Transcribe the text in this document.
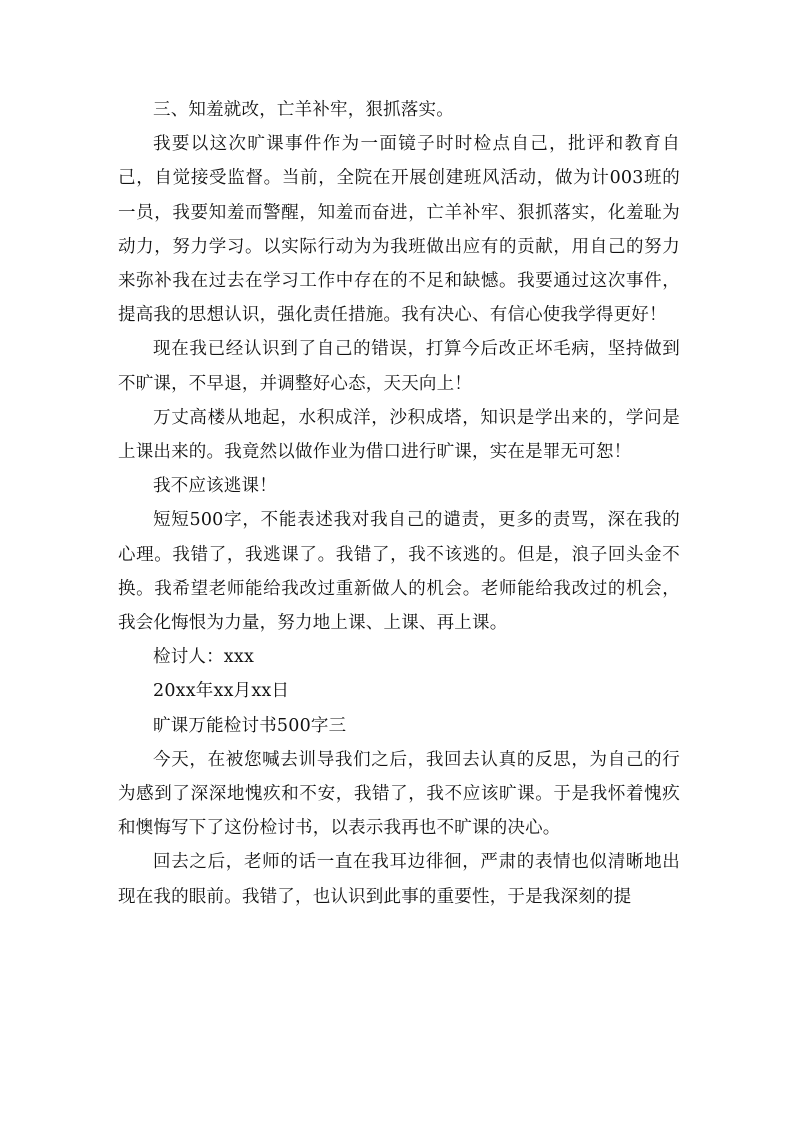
三、知羞就改，亡羊补牢，狠抓落实。

我要以这次旷课事件作为一面镜子时时检点自己，批评和教育自己，自觉接受监督。当前，全院在开展创建班风活动，做为计003班的一员，我要知羞而警醒，知羞而奋进，亡羊补牢、狠抓落实，化羞耻为动力，努力学习。以实际行动为为我班做出应有的贡献，用自己的努力来弥补我在过去在学习工作中存在的不足和缺憾。我要通过这次事件，提高我的思想认识，强化责任措施。我有决心、有信心使我学得更好！

现在我已经认识到了自己的错误，打算今后改正坏毛病，坚持做到不旷课，不早退，并调整好心态，天天向上！

万丈高楼从地起，水积成洋，沙积成塔，知识是学出来的，学问是上课出来的。我竟然以做作业为借口进行旷课，实在是罪无可恕！

我不应该逃课！

短短500字，不能表述我对我自己的谴责，更多的责骂，深在我的心理。我错了，我逃课了。我错了，我不该逃的。但是，浪子回头金不换。我希望老师能给我改过重新做人的机会。老师能给我改过的机会，我会化悔恨为力量，努力地上课、上课、再上课。

检讨人：xxx

20xx年xx月xx日

旷课万能检讨书500字三

今天，在被您喊去训导我们之后，我回去认真的反思，为自己的行为感到了深深地愧疚和不安，我错了，我不应该旷课。于是我怀着愧疚和懊悔写下了这份检讨书，以表示我再也不旷课的决心。

回去之后，老师的话一直在我耳边徘徊，严肃的表情也似清晰地出现在我的眼前。我错了，也认识到此事的重要性，于是我深刻的提
